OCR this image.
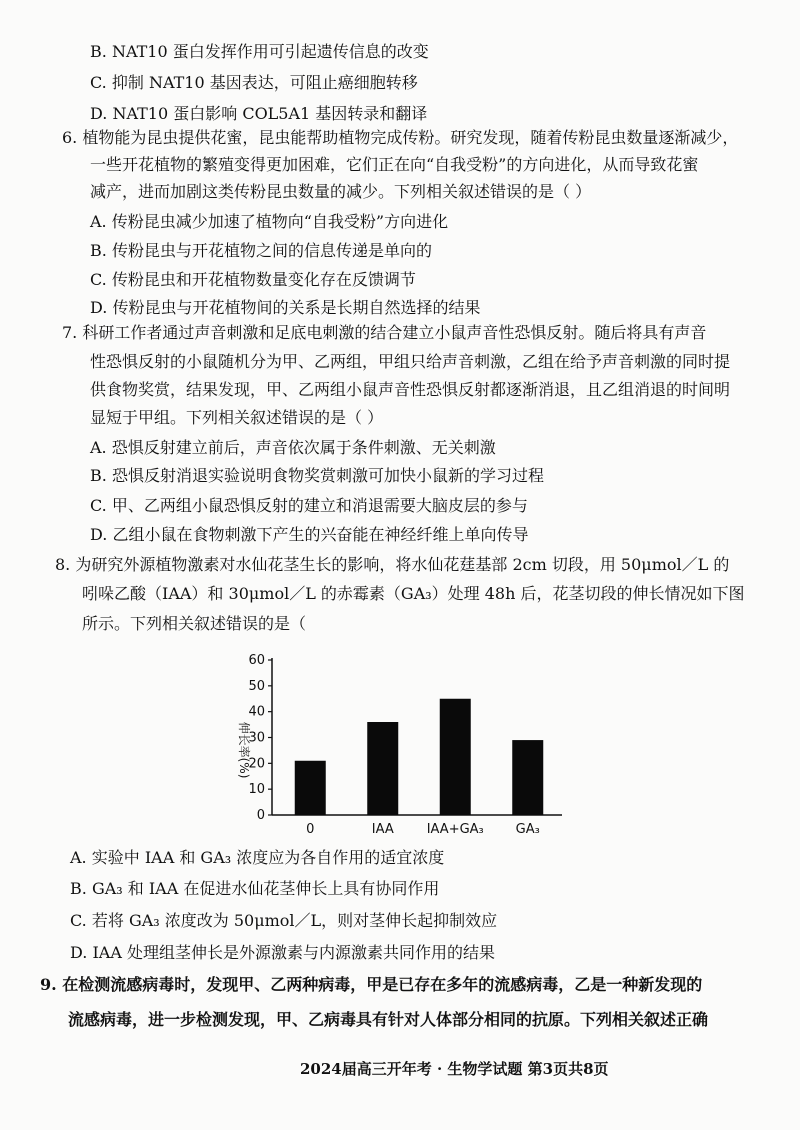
B. NAT10 蛋白发挥作用可引起遗传信息的改变
C. 抑制 NAT10 基因表达，可阻止癌细胞转移
D. NAT10 蛋白影响 COL5A1 基因转录和翻译
6. 植物能为昆虫提供花蜜，昆虫能帮助植物完成传粉。研究发现，随着传粉昆虫数量逐渐减少，
一些开花植物的繁殖变得更加困难，它们正在向“自我受粉”的方向进化，从而导致花蜜
减产，进而加剧这类传粉昆虫数量的减少。下列相关叙述错误的是（ ）
A. 传粉昆虫减少加速了植物向“自我受粉”方向进化
B. 传粉昆虫与开花植物之间的信息传递是单向的
C. 传粉昆虫和开花植物数量变化存在反馈调节
D. 传粉昆虫与开花植物间的关系是长期自然选择的结果
7. 科研工作者通过声音刺激和足底电刺激的结合建立小鼠声音性恐惧反射。随后将具有声音
性恐惧反射的小鼠随机分为甲、乙两组，甲组只给声音刺激，乙组在给予声音刺激的同时提
供食物奖赏，结果发现，甲、乙两组小鼠声音性恐惧反射都逐渐消退，且乙组消退的时间明
显短于甲组。下列相关叙述错误的是（ ）
A. 恐惧反射建立前后，声音依次属于条件刺激、无关刺激
B. 恐惧反射消退实验说明食物奖赏刺激可加快小鼠新的学习过程
C. 甲、乙两组小鼠恐惧反射的建立和消退需要大脑皮层的参与
D. 乙组小鼠在食物刺激下产生的兴奋能在神经纤维上单向传导
8. 为研究外源植物激素对水仙花茎生长的影响，将水仙花莛基部 2cm 切段，用 50μmol／L 的
吲哚乙酸（IAA）和 30μmol／L 的赤霉素（GA₃）处理 48h 后，花茎切段的伸长情况如下图
所示。下列相关叙述错误的是（
伸长率(%)
0
10
20
30
40
50
60
0	IAA	IAA+GA₃ GA₃
A. 实验中 IAA 和 GA₃ 浓度应为各自作用的适宜浓度
B. GA₃ 和 IAA 在促进水仙花茎伸长上具有协同作用
C. 若将 GA₃ 浓度改为 50μmol／L，则对茎伸长起抑制效应
D. IAA 处理组茎伸长是外源激素与内源激素共同作用的结果
9. 在检测流感病毒时，发现甲、乙两种病毒，甲是已存在多年的流感病毒，乙是一种新发现的
流感病毒，进一步检测发现，甲、乙病毒具有针对人体部分相同的抗原。下列相关叙述正确
2024届高三开年考 · 生物学试题 第3页共8页
